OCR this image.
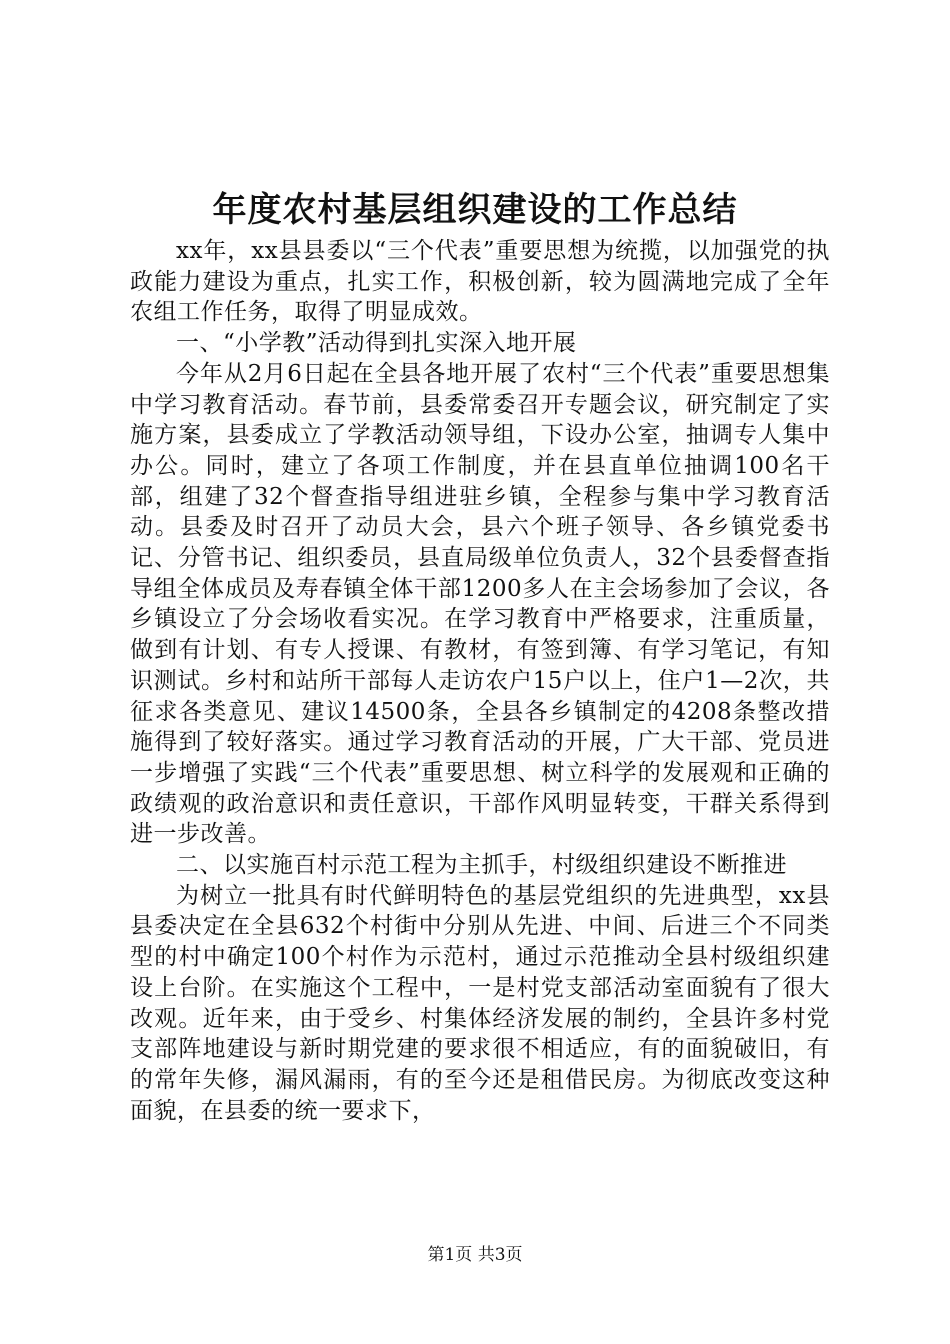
年度农村基层组织建设的工作总结

xx年，xx县县委以“三个代表”重要思想为统揽，以加强党的执政能力建设为重点，扎实工作，积极创新，较为圆满地完成了全年农组工作任务，取得了明显成效。

一、“小学教”活动得到扎实深入地开展

今年从2月6日起在全县各地开展了农村“三个代表”重要思想集中学习教育活动。春节前，县委常委召开专题会议，研究制定了实施方案，县委成立了学教活动领导组，下设办公室，抽调专人集中办公。同时，建立了各项工作制度，并在县直单位抽调100名干部，组建了32个督查指导组进驻乡镇，全程参与集中学习教育活动。县委及时召开了动员大会，县六个班子领导、各乡镇党委书记、分管书记、组织委员，县直局级单位负责人，32个县委督查指导组全体成员及寿春镇全体干部1200多人在主会场参加了会议，各乡镇设立了分会场收看实况。在学习教育中严格要求，注重质量，做到有计划、有专人授课、有教材，有签到簿、有学习笔记，有知识测试。乡村和站所干部每人走访农户15户以上，住户1—2次，共征求各类意见、建议14500条，全县各乡镇制定的4208条整改措施得到了较好落实。通过学习教育活动的开展，广大干部、党员进一步增强了实践“三个代表”重要思想、树立科学的发展观和正确的政绩观的政治意识和责任意识，干部作风明显转变，干群关系得到进一步改善。

二、以实施百村示范工程为主抓手，村级组织建设不断推进

为树立一批具有时代鲜明特色的基层党组织的先进典型，xx县县委决定在全县632个村街中分别从先进、中间、后进三个不同类型的村中确定100个村作为示范村，通过示范推动全县村级组织建设上台阶。在实施这个工程中，一是村党支部活动室面貌有了很大改观。近年来，由于受乡、村集体经济发展的制约，全县许多村党支部阵地建设与新时期党建的要求很不相适应，有的面貌破旧，有的常年失修，漏风漏雨，有的至今还是租借民房。为彻底改变这种面貌，在县委的统一要求下，

第1页 共3页
